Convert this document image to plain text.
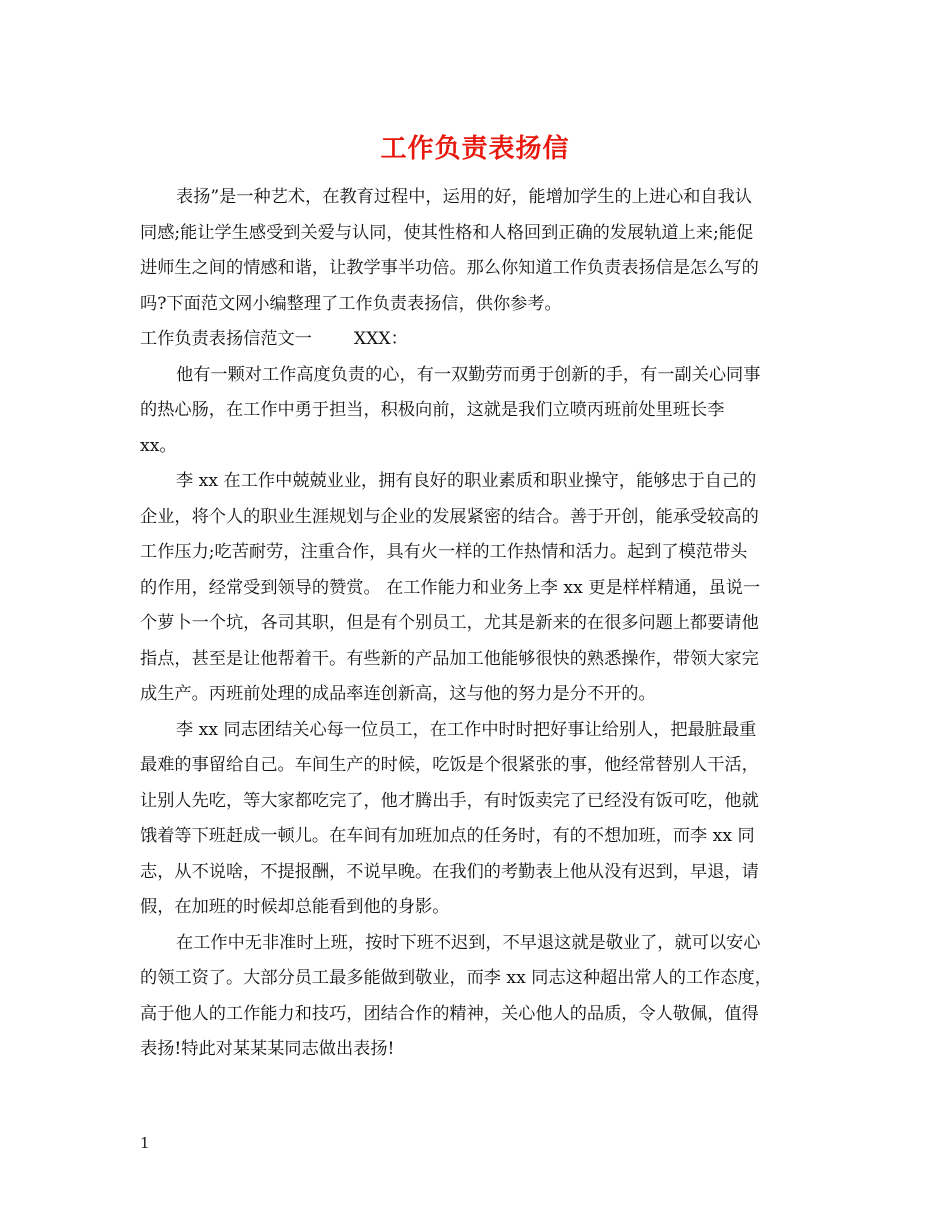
工作负责表扬信

表扬”是一种艺术，在教育过程中，运用的好，能增加学生的上进心和自我认
同感;能让学生感受到关爱与认同，使其性格和人格回到正确的发展轨道上来;能促
进师生之间的情感和谐，让教学事半功倍。那么你知道工作负责表扬信是怎么写的
吗?下面范文网小编整理了工作负责表扬信，供你参考。

工作负责表扬信范文一 XXX：

他有一颗对工作高度负责的心，有一双勤劳而勇于创新的手，有一副关心同事
的热心肠，在工作中勇于担当，积极向前，这就是我们立喷丙班前处里班长李
xx。

李 xx 在工作中兢兢业业，拥有良好的职业素质和职业操守，能够忠于自己的
企业，将个人的职业生涯规划与企业的发展紧密的结合。善于开创，能承受较高的
工作压力;吃苦耐劳，注重合作，具有火一样的工作热情和活力。起到了模范带头
的作用，经常受到领导的赞赏。 在工作能力和业务上李 xx 更是样样精通，虽说一
个萝卜一个坑，各司其职，但是有个别员工，尤其是新来的在很多问题上都要请他
指点，甚至是让他帮着干。有些新的产品加工他能够很快的熟悉操作，带领大家完
成生产。丙班前处理的成品率连创新高，这与他的努力是分不开的。

李 xx 同志团结关心每一位员工，在工作中时时把好事让给别人，把最脏最重
最难的事留给自己。车间生产的时候，吃饭是个很紧张的事，他经常替别人干活，
让别人先吃，等大家都吃完了，他才腾出手，有时饭卖完了已经没有饭可吃，他就
饿着等下班赶成一顿儿。在车间有加班加点的任务时，有的不想加班，而李 xx 同
志，从不说啥，不提报酬，不说早晚。在我们的考勤表上他从没有迟到，早退，请
假，在加班的时候却总能看到他的身影。

在工作中无非准时上班，按时下班不迟到，不早退这就是敬业了，就可以安心
的领工资了。大部分员工最多能做到敬业，而李 xx 同志这种超出常人的工作态度，
高于他人的工作能力和技巧，团结合作的精神，关心他人的品质，令人敬佩，值得
表扬!特此对某某某同志做出表扬!

1
